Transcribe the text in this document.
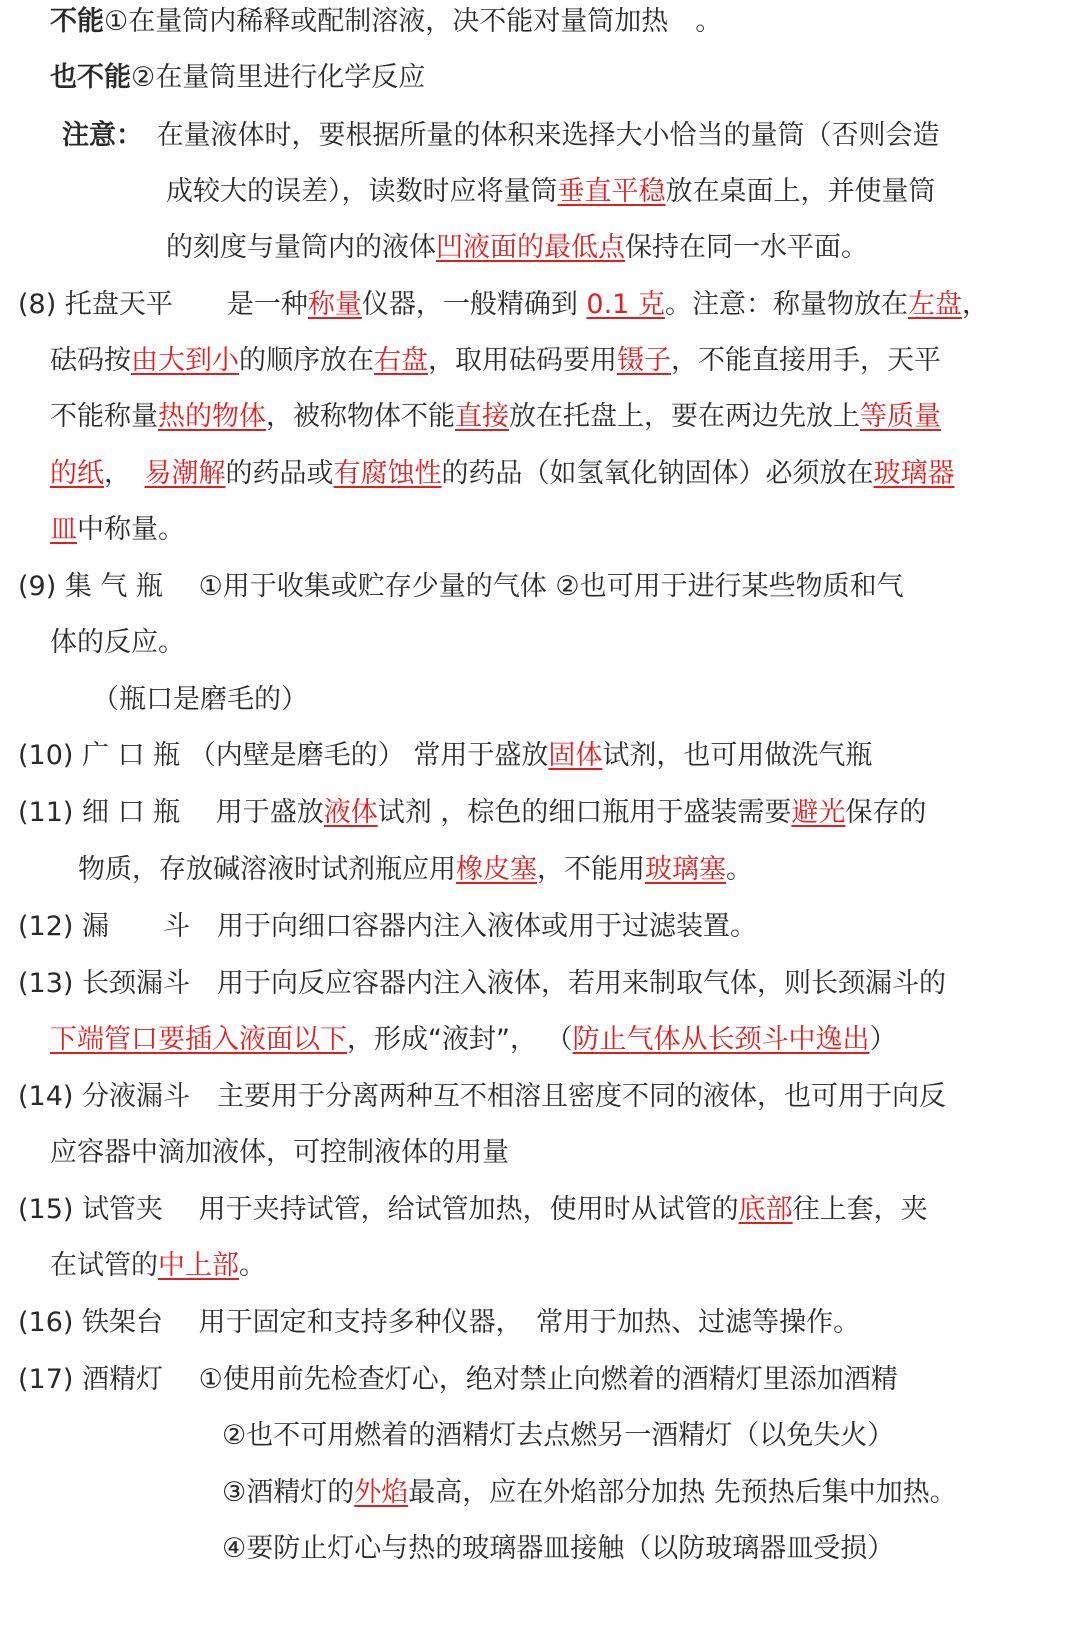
不能①在量筒内稀释或配制溶液，决不能对量筒加热　。
也不能②在量筒里进行化学反应
注意：　在量液体时，要根据所量的体积来选择大小恰当的量筒（否则会造
成较大的误差），读数时应将量筒垂直平稳放在桌面上，并使量筒
的刻度与量筒内的液体凹液面的最低点保持在同一水平面。
(8) 托盘天平　　是一种称量仪器，一般精确到 0.1 克。注意：称量物放在左盘，
砝码按由大到小的顺序放在右盘，取用砝码要用镊子，不能直接用手，天平
不能称量热的物体，被称物体不能直接放在托盘上，要在两边先放上等质量
的纸，　易潮解的药品或有腐蚀性的药品（如氢氧化钠固体）必须放在玻璃器
皿中称量。
(9) 集 气 瓶　 ①用于收集或贮存少量的气体 ②也可用于进行某些物质和气
体的反应。
（瓶口是磨毛的）
(10) 广 口 瓶 （内壁是磨毛的） 常用于盛放固体试剂，也可用做洗气瓶
(11) 细 口 瓶　 用于盛放液体试剂 ，棕色的细口瓶用于盛装需要避光保存的
物质，存放碱溶液时试剂瓶应用橡皮塞，不能用玻璃塞。
(12) 漏　　斗　用于向细口容器内注入液体或用于过滤装置。
(13) 长颈漏斗　用于向反应容器内注入液体，若用来制取气体，则长颈漏斗的
下端管口要插入液面以下，形成“液封”， （防止气体从长颈斗中逸出）
(14) 分液漏斗　主要用于分离两种互不相溶且密度不同的液体，也可用于向反
应容器中滴加液体，可控制液体的用量
(15) 试管夹　 用于夹持试管，给试管加热，使用时从试管的底部往上套，夹
在试管的中上部。
(16) 铁架台　 用于固定和支持多种仪器，　常用于加热、过滤等操作。
(17) 酒精灯　 ①使用前先检查灯心，绝对禁止向燃着的酒精灯里添加酒精
②也不可用燃着的酒精灯去点燃另一酒精灯（以免失火）
③酒精灯的外焰最高，应在外焰部分加热 先预热后集中加热。
④要防止灯心与热的玻璃器皿接触（以防玻璃器皿受损）
